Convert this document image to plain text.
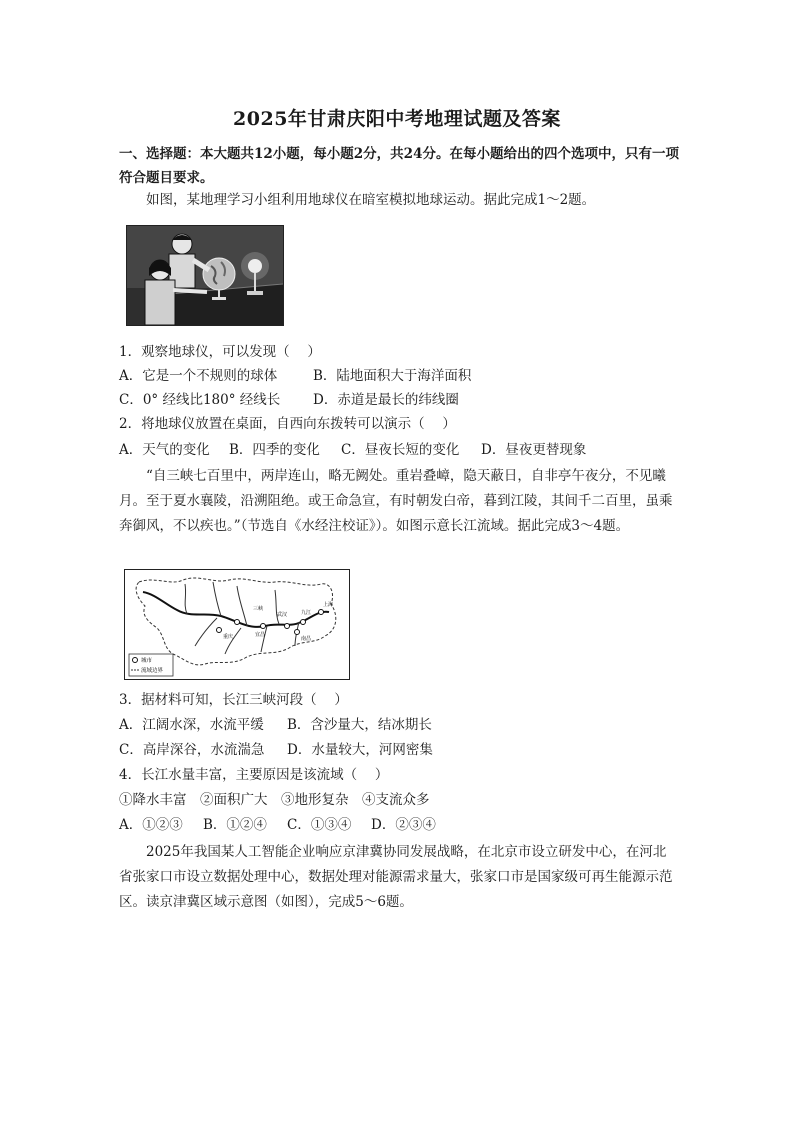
2025年甘肃庆阳中考地理试题及答案
一、选择题：本大题共12小题，每小题2分，共24分。在每小题给出的四个选项中，只有一项符合题目要求。
如图，某地理学习小组利用地球仪在暗室模拟地球运动。据此完成1～2题。
1．观察地球仪，可以发现（　 ）
A．它是一个不规则的球体	B．陆地面积大于海洋面积
C．0° 经线比180° 经线长 D．赤道是最长的纬线圈
2．将地球仪放置在桌面，自西向东拨转可以演示（　 ）
A．天气的变化 B．四季的变化 C．昼夜长短的变化 D．昼夜更替现象
“自三峡七百里中，两岸连山，略无阙处。重岩叠嶂，隐天蔽日，自非亭午夜分，不见曦月。至于夏水襄陵，沿溯阻绝。或王命急宣，有时朝发白帝，暮到江陵，其间千二百里，虽乘奔御风，不以疾也。”（节选自《水经注校证》）。如图示意长江流域。据此完成3～4题。
三峡
武汉
重庆	宜昌
九江
南昌
上海
城市
流域边界
3．据材料可知，长江三峡河段（　 ）
A．江阔水深，水流平缓 B．含沙量大，结冰期长
C．高岸深谷，水流湍急 D．水量较大，河网密集
4．长江水量丰富，主要原因是该流域（　 ）
①降水丰富　②面积广大　③地形复杂　④支流众多
A．①②③ B．①②④ C．①③④ D．②③④
2025年我国某人工智能企业响应京津冀协同发展战略，在北京市设立研发中心，在河北省张家口市设立数据处理中心，数据处理对能源需求量大，张家口市是国家级可再生能源示范区。读京津冀区域示意图（如图），完成5～6题。
